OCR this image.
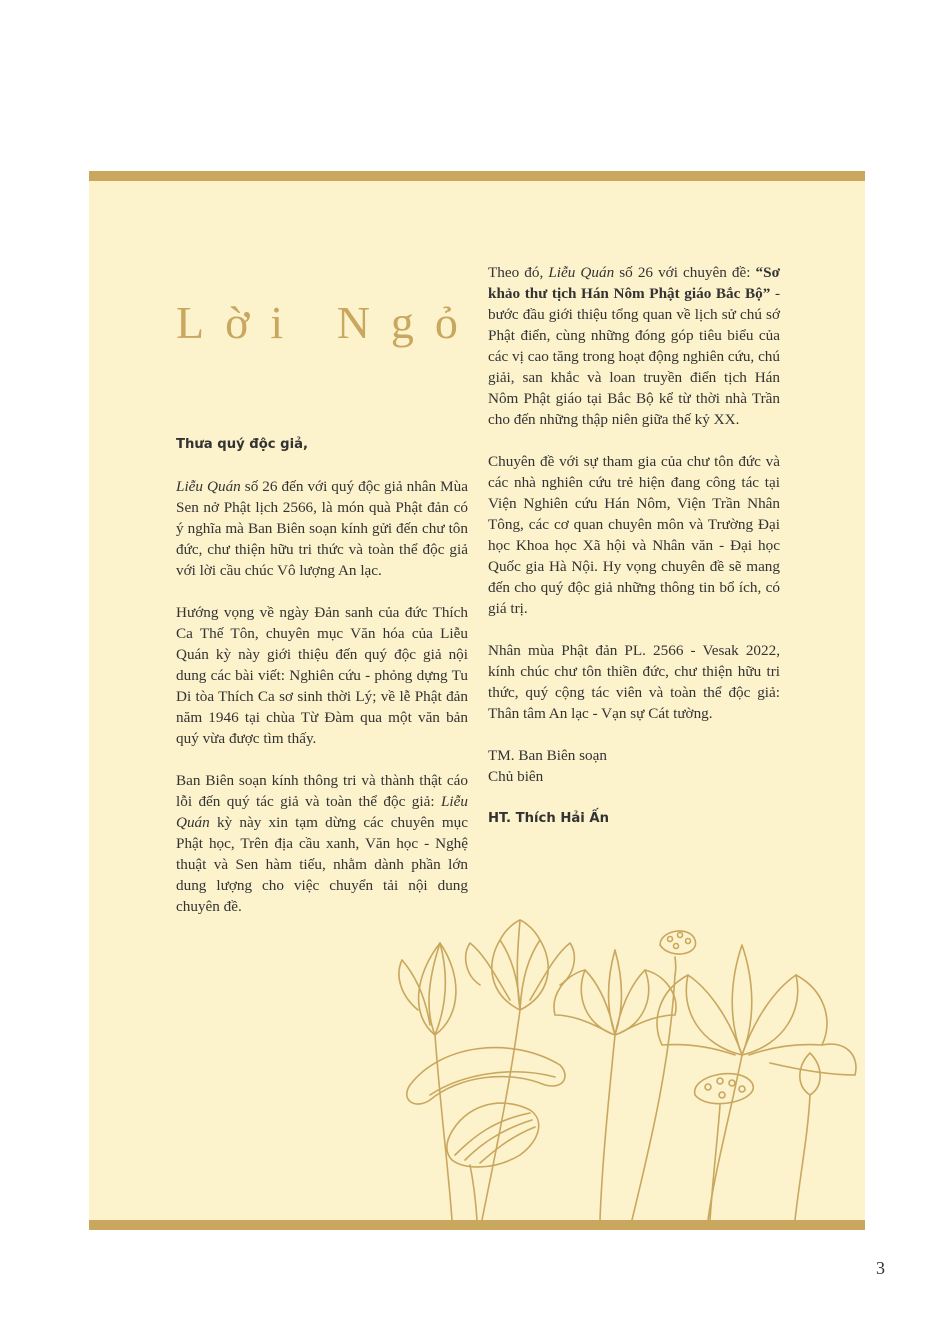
Lời Ngỏ

Thưa quý độc giả,

Liễu Quán số 26 đến với quý độc giả nhân Mùa Sen nở Phật lịch 2566, là món quà Phật đản có ý nghĩa mà Ban Biên soạn kính gửi đến chư tôn đức, chư thiện hữu tri thức và toàn thể độc giả với lời cầu chúc Vô lượng An lạc.

Hướng vọng về ngày Đản sanh của đức Thích Ca Thế Tôn, chuyên mục Văn hóa của Liễu Quán kỳ này giới thiệu đến quý độc giả nội dung các bài viết: Nghiên cứu - phỏng dựng Tu Di tòa Thích Ca sơ sinh thời Lý; về lễ Phật đản năm 1946 tại chùa Từ Đàm qua một văn bản quý vừa được tìm thấy.

Ban Biên soạn kính thông tri và thành thật cáo lỗi đến quý tác giả và toàn thể độc giả: Liễu Quán kỳ này xin tạm dừng các chuyên mục Phật học, Trên địa cầu xanh, Văn học - Nghệ thuật và Sen hàm tiếu, nhằm dành phần lớn dung lượng cho việc chuyển tải nội dung chuyên đề.

Theo đó, Liễu Quán số 26 với chuyên đề: “Sơ khảo thư tịch Hán Nôm Phật giáo Bắc Bộ” - bước đầu giới thiệu tổng quan về lịch sử chú sớ Phật điển, cùng những đóng góp tiêu biểu của các vị cao tăng trong hoạt động nghiên cứu, chú giải, san khắc và loan truyền điển tịch Hán Nôm Phật giáo tại Bắc Bộ kể từ thời nhà Trần cho đến những thập niên giữa thế kỷ XX.

Chuyên đề với sự tham gia của chư tôn đức và các nhà nghiên cứu trẻ hiện đang công tác tại Viện Nghiên cứu Hán Nôm, Viện Trần Nhân Tông, các cơ quan chuyên môn và Trường Đại học Khoa học Xã hội và Nhân văn - Đại học Quốc gia Hà Nội. Hy vọng chuyên đề sẽ mang đến cho quý độc giả những thông tin bổ ích, có giá trị.

Nhân mùa Phật đản PL. 2566 - Vesak 2022, kính chúc chư tôn thiền đức, chư thiện hữu tri thức, quý cộng tác viên và toàn thể độc giả: Thân tâm An lạc - Vạn sự Cát tường.

TM. Ban Biên soạn

Chủ biên

HT. Thích Hải Ấn

3
